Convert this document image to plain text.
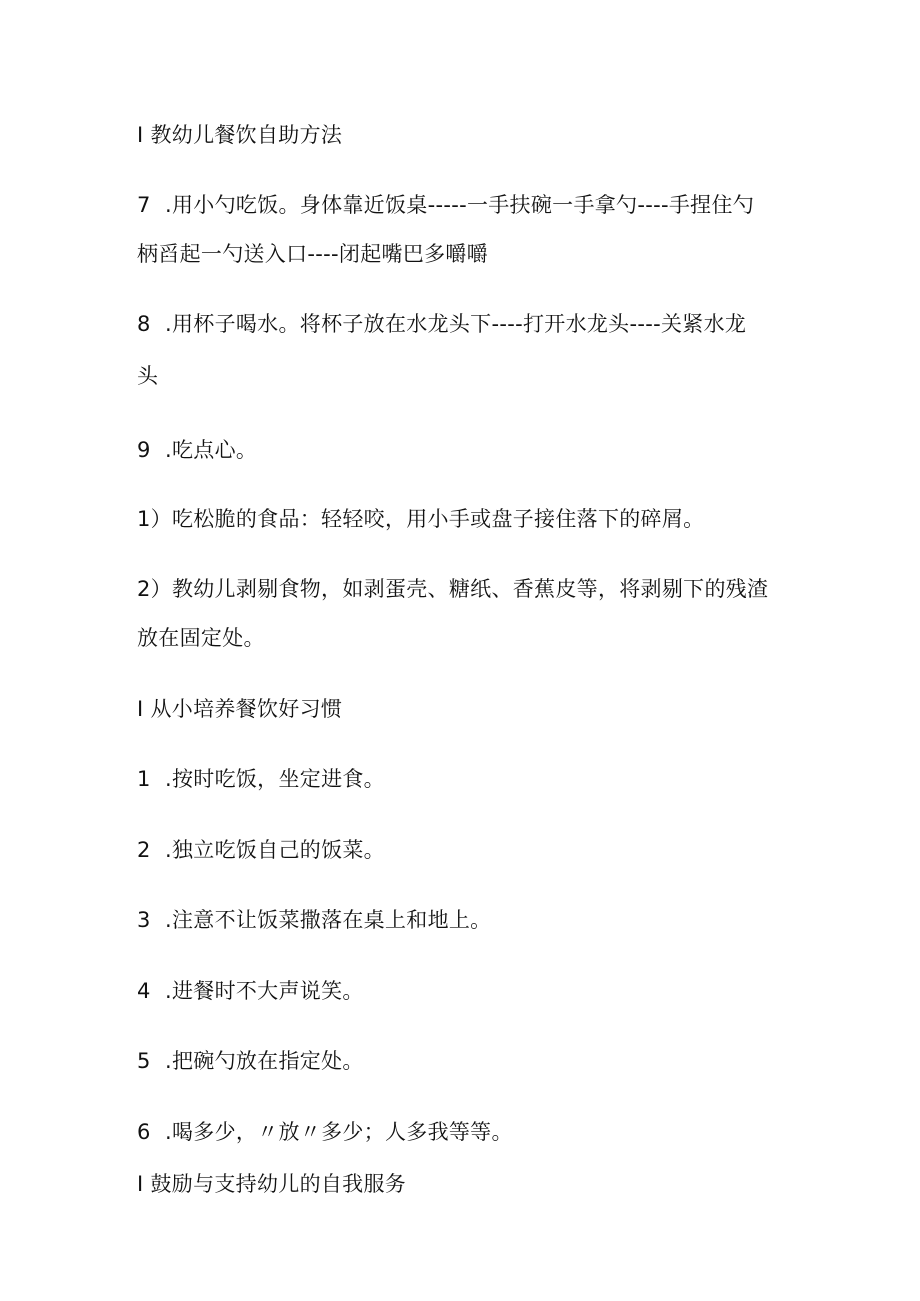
I 教幼儿餐饮自助方法
7 .用小勺吃饭。身体靠近饭桌-----一手扶碗一手拿勺----手捏住勺
柄舀起一勺送入口----闭起嘴巴多嚼嚼
8 .用杯子喝水。将杯子放在水龙头下----打开水龙头----关紧水龙
头
9 .吃点心。
1）吃松脆的食品：轻轻咬，用小手或盘子接住落下的碎屑。
2）教幼儿剥剔食物，如剥蛋壳、糖纸、香蕉皮等，将剥剔下的残渣
放在固定处。
I 从小培养餐饮好习惯
1 .按时吃饭，坐定进食。
2 .独立吃饭自己的饭菜。
3 .注意不让饭菜撒落在桌上和地上。
4 .进餐时不大声说笑。
5 .把碗勺放在指定处。
6 .喝多少，〃放〃多少；人多我等等。
I 鼓励与支持幼儿的自我服务
